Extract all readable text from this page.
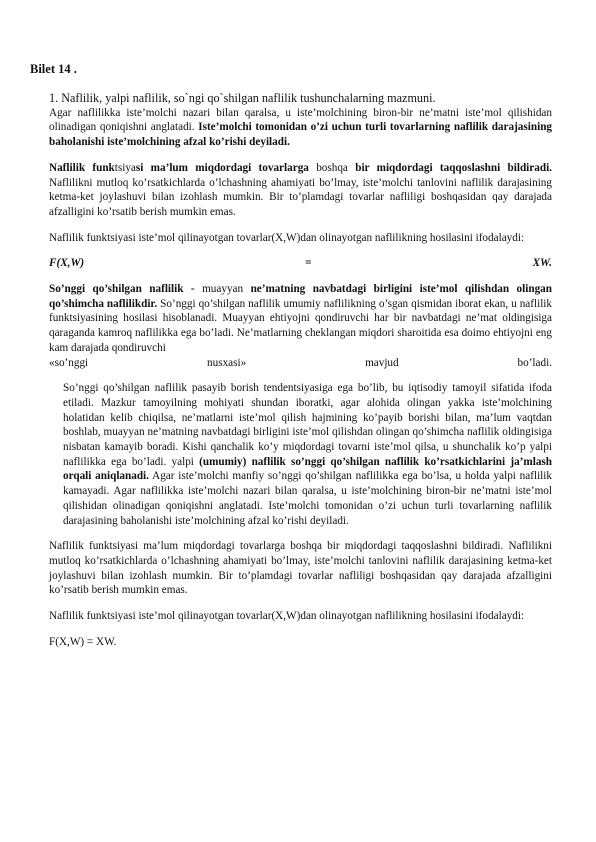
Bilet 14 .

1. Naflilik, yalpi naflilik, so`ngi qo`shilgan naflilik tushunchalarning mazmuni.

Agar naflilikka iste’molchi nazari bilan qaralsa, u iste’molchining biron-bir ne’matni iste’mol qilishidan olinadigan qoniqishni anglatadi. Iste’molchi tomonidan o’zi uchun turli tovarlarning naflilik darajasining baholanishi iste’molchining afzal ko’rishi deyiladi.

Naflilik funktsiyasi ma’lum miqdordagi tovarlarga boshqa bir miqdordagi taqqoslashni bildiradi. Naflilikni mutloq ko’rsatkichlarda o’lchashning ahamiyati bo’lmay, iste’molchi tanlovini naflilik darajasining ketma-ket joylashuvi bilan izohlash mumkin. Bir to’plamdagi tovarlar nafliligi boshqasidan qay darajada afzalligini ko’rsatib berish mumkin emas.

Naflilik funktsiyasi iste’mol qilinayotgan tovarlar(X,W)dan olinayotgan naflilikning hosilasini ifodalaydi:

F(X,W)	=	XW.

So’nggi qo’shilgan naflilik - muayyan ne’matning navbatdagi birligini iste’mol qilishdan olingan qo’shimcha naflilikdir. So’nggi qo’shilgan naflilik umumiy naflilikning o’sgan qismidan iborat ekan, u naflilik funktsiyasining hosilasi hisoblanadi. Muayyan ehtiyojni qondiruvchi har bir navbatdagi ne’mat oldingisiga qaraganda kamroq naflilikka ega bo’ladi. Ne’matlarning cheklangan miqdori sharoitida esa doimo ehtiyojni eng kam darajada qondiruvchi

«so’nggi	nusxasi»	mavjud	bo’ladi.

So’nggi qo’shilgan naflilik pasayib borish tendentsiyasiga ega bo’lib, bu iqtisodiy tamoyil sifatida ifoda etiladi. Mazkur tamoyilning mohiyati shundan iboratki, agar alohida olingan yakka iste’molchining holatidan kelib chiqilsa, ne’matlarni iste’mol qilish hajmining ko’payib borishi bilan, ma’lum vaqtdan boshlab, muayyan ne’matning navbatdagi birligini iste’mol qilishdan olingan qo’shimcha naflilik oldingisiga nisbatan kamayib boradi. Kishi qanchalik ko’y miqdordagi tovarni iste’mol qilsa, u shunchalik ko’p yalpi naflilikka ega bo’ladi. yalpi (umumiy) naflilik so’nggi qo’shilgan naflilik ko’rsatkichlarini ja’mlash orqali aniqlanadi. Agar iste’molchi manfiy so’nggi qo’shilgan naflilikka ega bo’lsa, u holda yalpi naflilik kamayadi. Agar naflilikka iste’molchi nazari bilan qaralsa, u iste’molchining biron-bir ne’matni iste’mol qilishidan olinadigan qoniqishni anglatadi. Iste’molchi tomonidan o’zi uchun turli tovarlarning naflilik darajasining baholanishi iste’molchining afzal ko’rishi deyiladi.

Naflilik funktsiyasi ma’lum miqdordagi tovarlarga boshqa bir miqdordagi taqqoslashni bildiradi. Naflilikni mutloq ko’rsatkichlarda o’lchashning ahamiyati bo’lmay, iste’molchi tanlovini naflilik darajasining ketma-ket joylashuvi bilan izohlash mumkin. Bir to’plamdagi tovarlar nafliligi boshqasidan qay darajada afzalligini ko’rsatib berish mumkin emas.

Naflilik funktsiyasi iste’mol qilinayotgan tovarlar(X,W)dan olinayotgan naflilikning hosilasini ifodalaydi:

F(X,W) = XW.
